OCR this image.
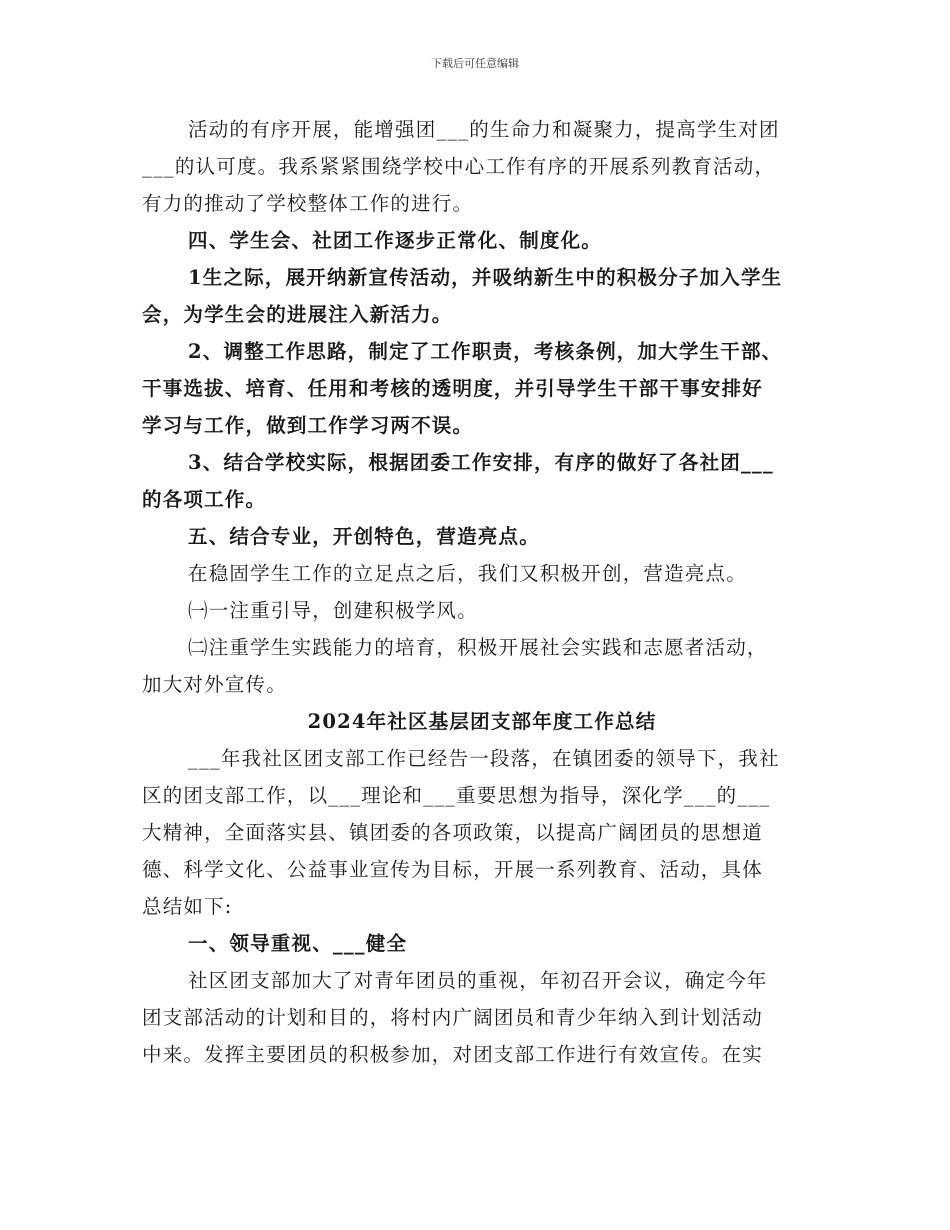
下载后可任意编辑
活动的有序开展，能增强团___的生命力和凝聚力，提高学生对团
___的认可度。我系紧紧围绕学校中心工作有序的开展系列教育活动，
有力的推动了学校整体工作的进行。
四、学生会、社团工作逐步正常化、制度化。
1生之际，展开纳新宣传活动，并吸纳新生中的积极分子加入学生
会，为学生会的进展注入新活力。
2、调整工作思路，制定了工作职责，考核条例，加大学生干部、
干事选拔、培育、任用和考核的透明度，并引导学生干部干事安排好
学习与工作，做到工作学习两不误。
3、结合学校实际，根据团委工作安排，有序的做好了各社团___
的各项工作。
五、结合专业，开创特色，营造亮点。
在稳固学生工作的立足点之后，我们又积极开创，营造亮点。
㈠一注重引导，创建积极学风。
㈡注重学生实践能力的培育，积极开展社会实践和志愿者活动，
加大对外宣传。
2024年社区基层团支部年度工作总结
___年我社区团支部工作已经告一段落，在镇团委的领导下，我社
区的团支部工作，以___理论和___重要思想为指导，深化学___的___
大精神，全面落实县、镇团委的各项政策，以提高广阔团员的思想道
德、科学文化、公益事业宣传为目标，开展一系列教育、活动，具体
总结如下:
一、领导重视、___健全
社区团支部加大了对青年团员的重视，年初召开会议，确定今年
团支部活动的计划和目的，将村内广阔团员和青少年纳入到计划活动
中来。发挥主要团员的积极参加，对团支部工作进行有效宣传。在实
